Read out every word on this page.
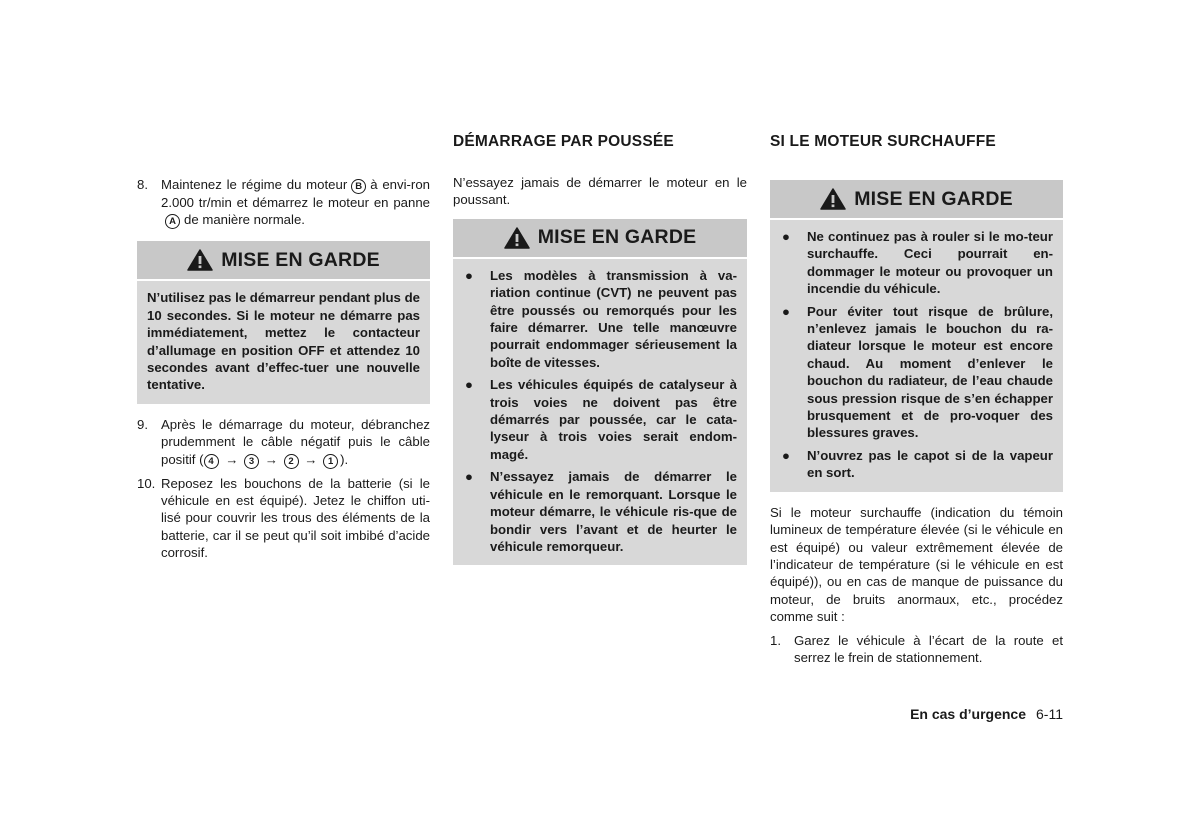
8. Maintenez le régime du moteur B à envi-ron 2.000 tr/min et démarrez le moteur en panneA de manière normale.
MISE EN GARDE
N’utilisez pas le démarreur pendant plus de 10 secondes. Si le moteur ne démarre pas immédiatement, mettez le contacteur d’allumage en position OFF et attendez 10 secondes avant d’effec-tuer une nouvelle tentative.
9. Après le démarrage du moteur, débranchez prudemment le câble négatif puis le câble positif ( 4 → 3 → 2 → 1 ).
10. Reposez les bouchons de la batterie (si le véhicule en est équipé). Jetez le chiffon uti-lisé pour couvrir les trous des éléments de la batterie, car il se peut qu’il soit imbibé d’acide corrosif.
DÉMARRAGE PAR POUSSÉE

N’essayez jamais de démarrer le moteur en le poussant.

MISE EN GARDE
●	Les modèles à transmission à va-riation continue (CVT) ne peuvent pas être poussés ou remorqués pour les faire démarrer. Une telle manœuvre pourrait endommager sérieusement la boîte de vitesses.
●	Les véhicules équipés de catalyseur à trois voies ne doivent pas être démarrés par poussée, car le cata-lyseur à trois voies serait endom-magé.
●	N’essayez jamais de démarrer le véhicule en le remorquant. Lorsque le moteur démarre, le véhicule ris-que de bondir vers l’avant et de heurter le véhicule remorqueur.
SI LE MOTEUR SURCHAUFFE
MISE EN GARDE
●	Ne continuez pas à rouler si le mo-teur surchauffe. Ceci pourrait en-dommager le moteur ou provoquer un incendie du véhicule.
●	Pour éviter tout risque de brûlure, n’enlevez jamais le bouchon du ra-diateur lorsque le moteur est encore chaud. Au moment d’enlever le bouchon du radiateur, de l’eau chaude sous pression risque de s’en échapper brusquement et de pro-voquer des blessures graves.
●	N’ouvrez pas le capot si de la vapeur en sort.

Si le moteur surchauffe (indication du témoin lumineux de température élevée (si le véhicule en est équipé) ou valeur extrêmement élevée de l’indicateur de température (si le véhicule en est équipé)), ou en cas de manque de puissance du moteur, de bruits anormaux, etc., procédez comme suit :

1. Garez le véhicule à l’écart de la route et serrez le frein de stationnement.
En cas d’urgence 6-11
